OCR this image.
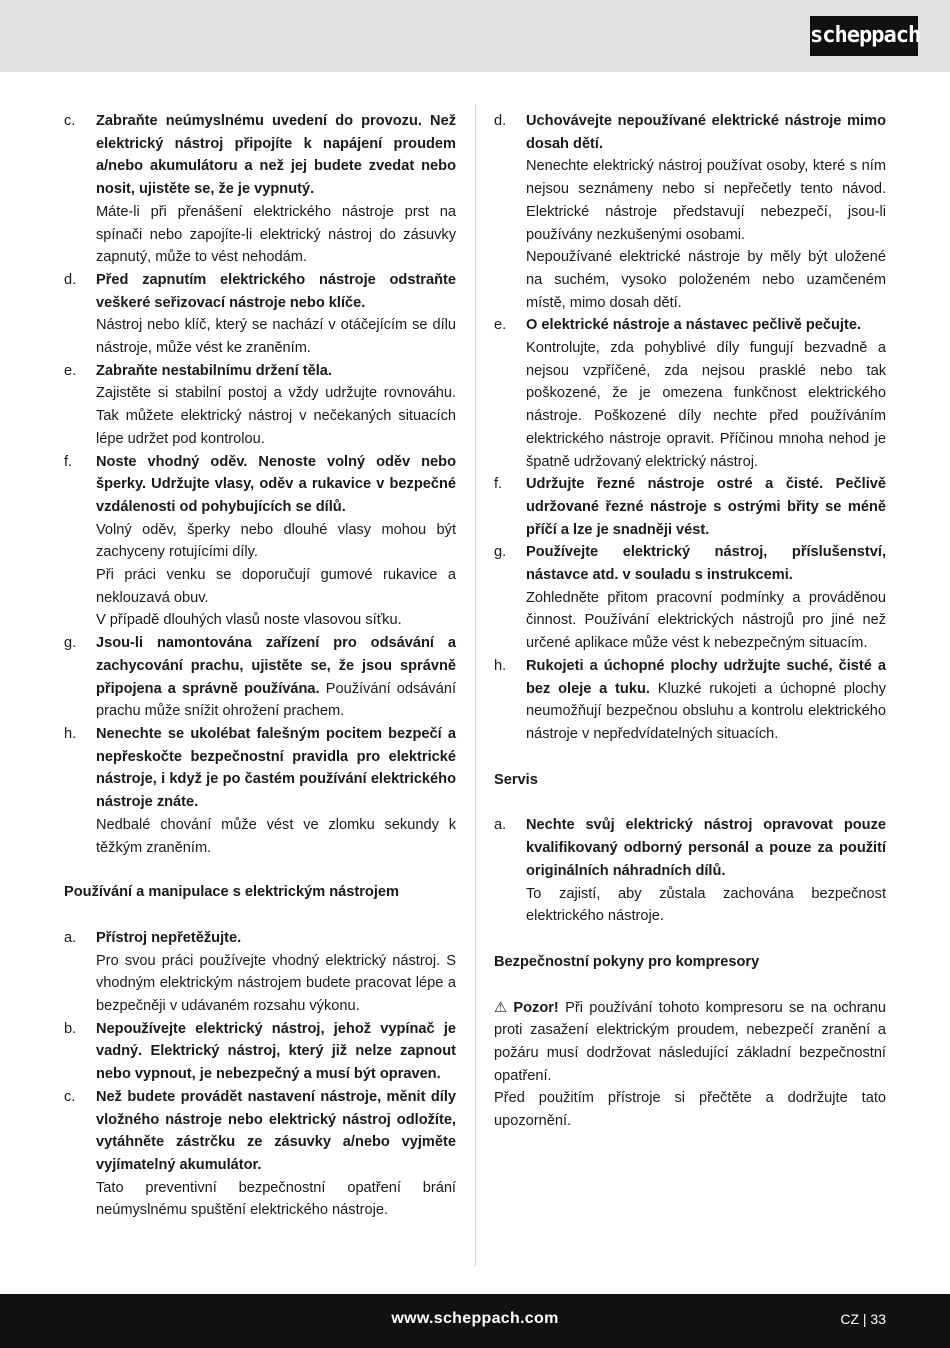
scheppach
c.	Zabraňte neúmyslnému uvedení do provozu. Než elektrický nástroj připojíte k napájení proudem a/nebo akumulátoru a než jej budete zvedat nebo nosit, ujistěte se, že je vypnutý.

Máte-li při přenášení elektrického nástroje prst na spínači nebo zapojíte-li elektrický nástroj do zásuvky zapnutý, může to vést nehodám.

d.	Před zapnutím elektrického nástroje odstraňte veškeré seřizovací nástroje nebo klíče.

Nástroj nebo klíč, který se nachází v otáčejícím se dílu nástroje, může vést ke zraněním.

e.	Zabraňte nestabilnímu držení těla.

Zajistěte si stabilní postoj a vždy udržujte rovnováhu. Tak můžete elektrický nástroj v nečekaných situacích lépe udržet pod kontrolou.

f.	Noste vhodný oděv. Nenoste volný oděv nebo šperky. Udržujte vlasy, oděv a rukavice v bezpečné vzdálenosti od pohybujících se dílů.

Volný oděv, šperky nebo dlouhé vlasy mohou být zachyceny rotujícími díly.

Při práci venku se doporučují gumové rukavice a neklouzavá obuv.

V případě dlouhých vlasů noste vlasovou síťku.

g.	Jsou-li namontována zařízení pro odsávání a zachycování prachu, ujistěte se, že jsou správně připojena a správně používána. Používání odsávání prachu může snížit ohrožení prachem.

h.	Nenechte se ukolébat falešným pocitem bezpečí a nepřeskočte bezpečnostní pravidla pro elektrické nástroje, i když je po častém používání elektrického nástroje znáte.

Nedbalé chování může vést ve zlomku sekundy k těžkým zraněním.

Používání a manipulace s elektrickým nástrojem
a.	Přístroj nepřetěžujte.

Pro svou práci používejte vhodný elektrický nástroj. S vhodným elektrickým nástrojem budete pracovat lépe a bezpečněji v udávaném rozsahu výkonu.

b.	Nepoužívejte elektrický nástroj, jehož vypínač je vadný. Elektrický nástroj, který již nelze zapnout nebo vypnout, je nebezpečný a musí být opraven.

c.	Než budete provádět nastavení nástroje, měnit díly vložného nástroje nebo elektrický nástroj odložíte, vytáhněte zástrčku ze zásuvky a/nebo vyjměte vyjímatelný akumulátor.

Tato preventivní bezpečnostní opatření brání neúmyslnému spuštění elektrického nástroje.

d.	Uchovávejte nepoužívané elektrické nástroje mimo dosah dětí.

Nenechte elektrický nástroj používat osoby, které s ním nejsou seznámeny nebo si nepřečetly tento návod. Elektrické nástroje představují nebezpečí, jsou-li používány nezkušenými osobami.

Nepoužívané elektrické nástroje by měly být uložené na suchém, vysoko položeném nebo uzamčeném místě, mimo dosah dětí.

e.	O elektrické nástroje a nástavec pečlivě pečujte.

Kontrolujte, zda pohyblivé díly fungují bezvadně a nejsou vzpříčené, zda nejsou prasklé nebo tak poškozené, že je omezena funkčnost elektrického nástroje. Poškozené díly nechte před používáním elektrického nástroje opravit. Příčinou mnoha nehod je špatně udržovaný elektrický nástroj.

f.	Udržujte řezné nástroje ostré a čisté. Pečlivě udržované řezné nástroje s ostrými břity se méně příčí a lze je snadněji vést.

g.	Používejte elektrický nástroj, příslušenství, nástavce atd. v souladu s instrukcemi.

Zohledněte přitom pracovní podmínky a prováděnou činnost. Používání elektrických nástrojů pro jiné než určené aplikace může vést k nebezpečným situacím.

h.	Rukojeti a úchopné plochy udržujte suché, čisté a bez oleje a tuku. Kluzké rukojeti a úchopné plochy neumožňují bezpečnou obsluhu a kontrolu elektrického nástroje v nepředvídatelných situacích.

Servis
a.	Nechte svůj elektrický nástroj opravovat pouze kvalifikovaný odborný personál a pouze za použití originálních náhradních dílů.

To zajistí, aby zůstala zachována bezpečnost elektrického nástroje.

Bezpečnostní pokyny pro kompresory

⚠ Pozor! Při používání tohoto kompresoru se na ochranu proti zasažení elektrickým proudem, nebezpečí zranění a požáru musí dodržovat následující základní bezpečnostní opatření.

Před použitím přístroje si přečtěte a dodržujte tato upozornění.

www.scheppach.com	CZ | 33
